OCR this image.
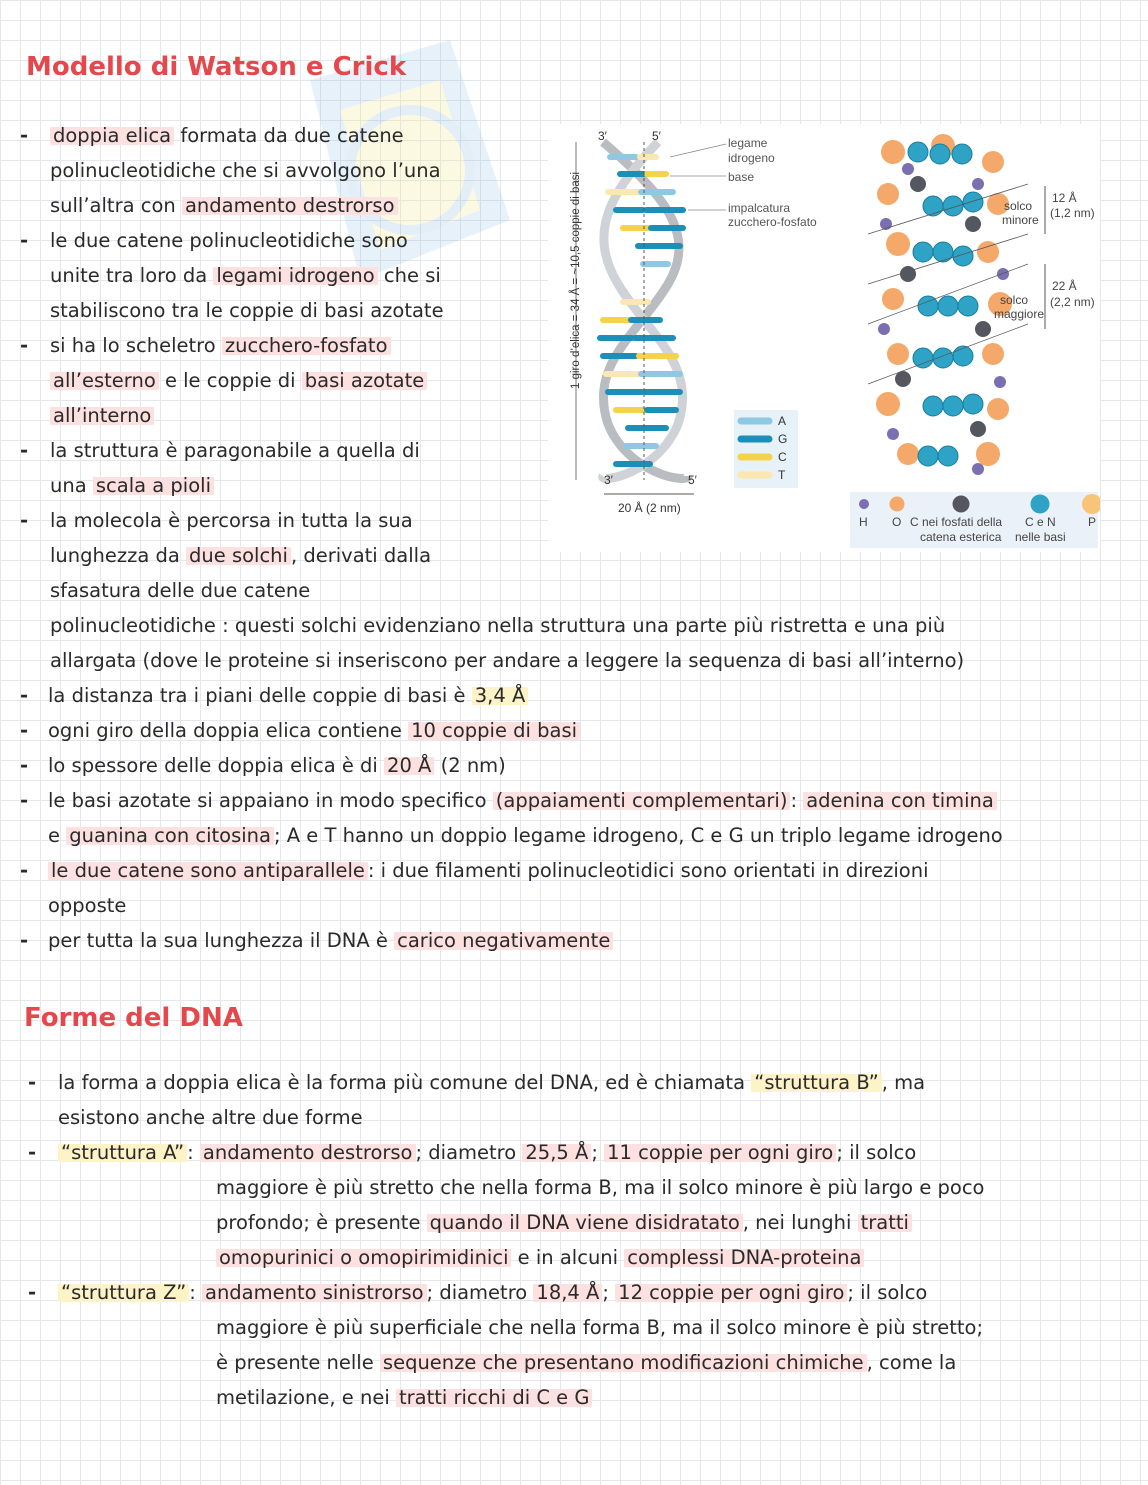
Modello di Watson e Crick
-	doppia elica formata da due catene
polinucleotidiche che si avvolgono l’una
sull’altra con andamento destrorso
-	le due catene polinucleotidiche sono
unite tra loro da legami idrogeno che si
stabiliscono tra le coppie di basi azotate
-	si ha lo scheletro zucchero-fosfato
all’esterno e le coppie di basi azotate
all’interno
-	la struttura è paragonabile a quella di
una scala a pioli
-	la molecola è percorsa in tutta la sua
lunghezza da due solchi , derivati dalla
sfasatura delle due catene
polinucleotidiche : questi solchi evidenziano nella struttura una parte più ristretta e una più
allargata (dove le proteine si inseriscono per andare a leggere la sequenza di basi all’interno)
-	la distanza tra i piani delle coppie di basi è 3,4 Å
-	ogni giro della doppia elica contiene 10 coppie di basi
-	lo spessore delle doppia elica è di 20 Å (2 nm)
-	le basi azotate si appaiano in modo specifico (appaiamenti complementari) : adenina con timina
e guanina con citosina ; A e T hanno un doppio legame idrogeno, C e G un triplo legame idrogeno
-	le due catene sono antiparallele : i due filamenti polinucleotidici sono orientati in direzioni
opposte
-	per tutta la sua lunghezza il DNA è carico negativamente
3′	5′
3′	5′
1 giro d’elica = 34 Å = ~10,5 coppie di basi
20 Å (2 nm)
legame
idrogeno
base
impalcatura
zucchero-fosfato
A
G
C
T
solco
minore
12 Å
(1,2 nm)
solco
maggiore
22 Å
(2,2 nm)
H O C nei fosfati della
catena esterica
C e N
nelle basi
P
Forme del DNA
-	la forma a doppia elica è la forma più comune del DNA, ed è chiamata “struttura B” , ma
esistono anche altre due forme
-	“struttura A” : andamento destrorso ; diametro 25,5 Å ; 11 coppie per ogni giro ; il solco
maggiore è più stretto che nella forma B, ma il solco minore è più largo e poco
profondo; è presente quando il DNA viene disidratato , nei lunghi tratti
omopurinici o omopirimidinici e in alcuni complessi DNA-proteina
-	“struttura Z” : andamento sinistrorso ; diametro 18,4 Å ; 12 coppie per ogni giro ; il solco
maggiore è più superficiale che nella forma B, ma il solco minore è più stretto;
è presente nelle sequenze che presentano modificazioni chimiche , come la
metilazione, e nei tratti ricchi di C e G
